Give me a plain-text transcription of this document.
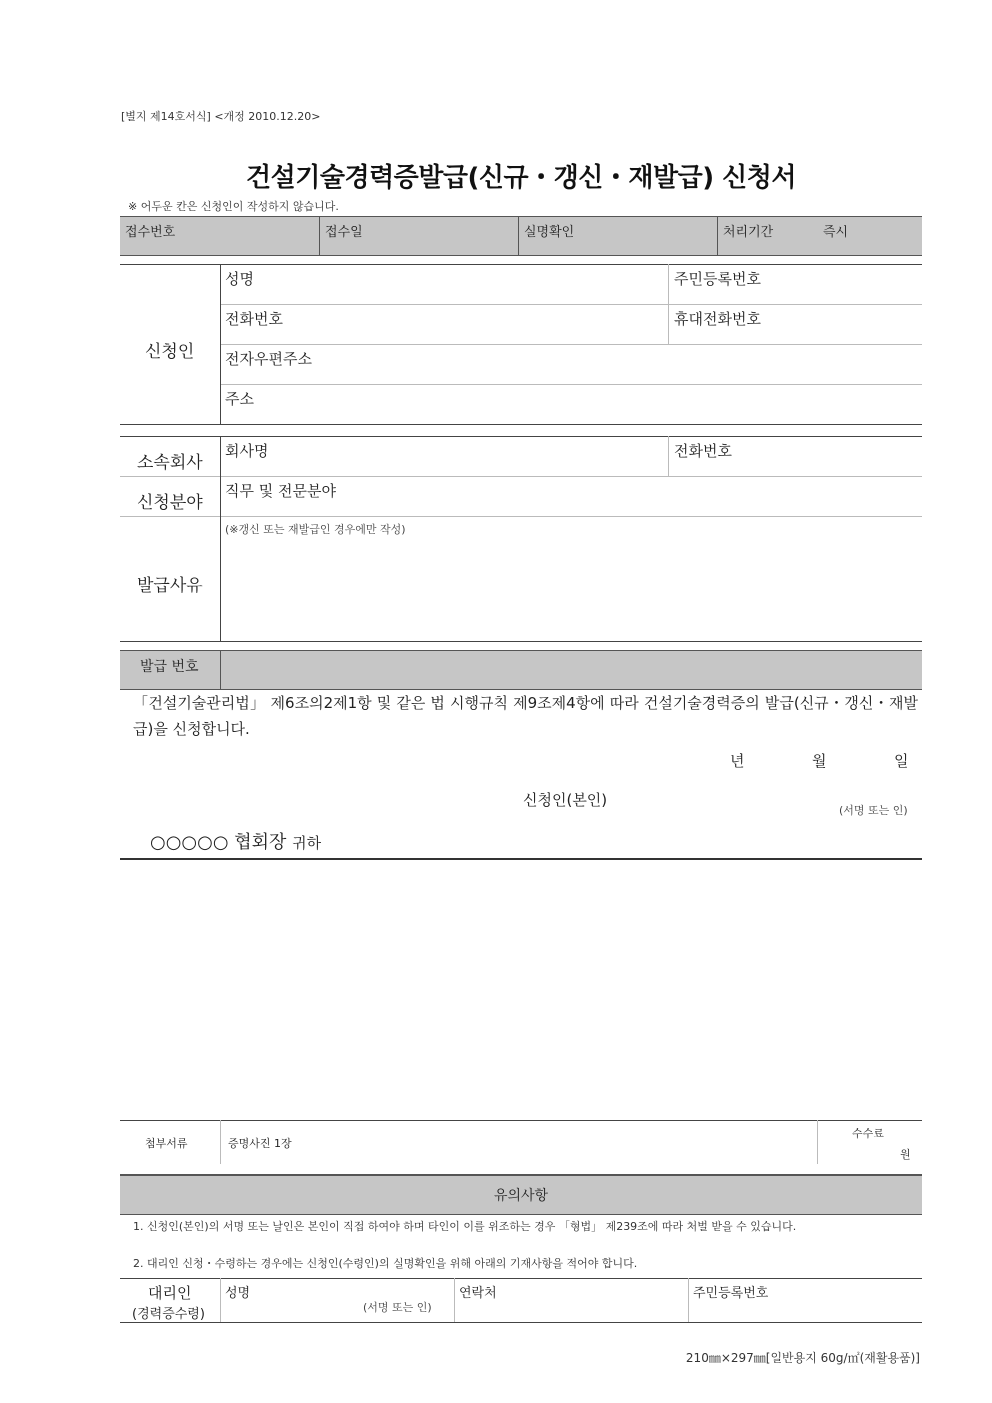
[별지 제14호서식] <개정 2010.12.20>
건설기술경력증발급(신규・갱신・재발급) 신청서
※ 어두운 칸은 신청인이 작성하지 않습니다.
접수번호	접수일	실명확인	처리기간	즉시
신청인
성명	주민등록번호
전화번호	휴대전화번호
전자우편주소
주소
소속회사
회사명	전화번호
신청분야
직무 및 전문분야
발급사유
(※갱신 또는 재발급인 경우에만 작성)
발급 번호
「건설기술관리법」 제6조의2제1항 및 같은 법 시행규칙 제9조제4항에 따라 건설기술경력증의 발급(신규・갱신・재발급)을 신청합니다.
년	월	일
신청인(본인)
(서명 또는 인)
○○○○○ 협회장 귀하
첨부서류	증명사진 1장
수수료
원
유의사항
1. 신청인(본인)의 서명 또는 날인은 본인이 직접 하여야 하며 타인이 이를 위조하는 경우 「형법」 제239조에 따라 처벌 받을 수 있습니다.
2. 대리인 신청・수령하는 경우에는 신청인(수령인)의 실명확인을 위해 아래의 기재사항을 적어야 합니다.
대리인
(경력증수령)
성명
(서명 또는 인)
연락처	주민등록번호
210㎜×297㎜[일반용지 60g/㎡(재활용품)]
